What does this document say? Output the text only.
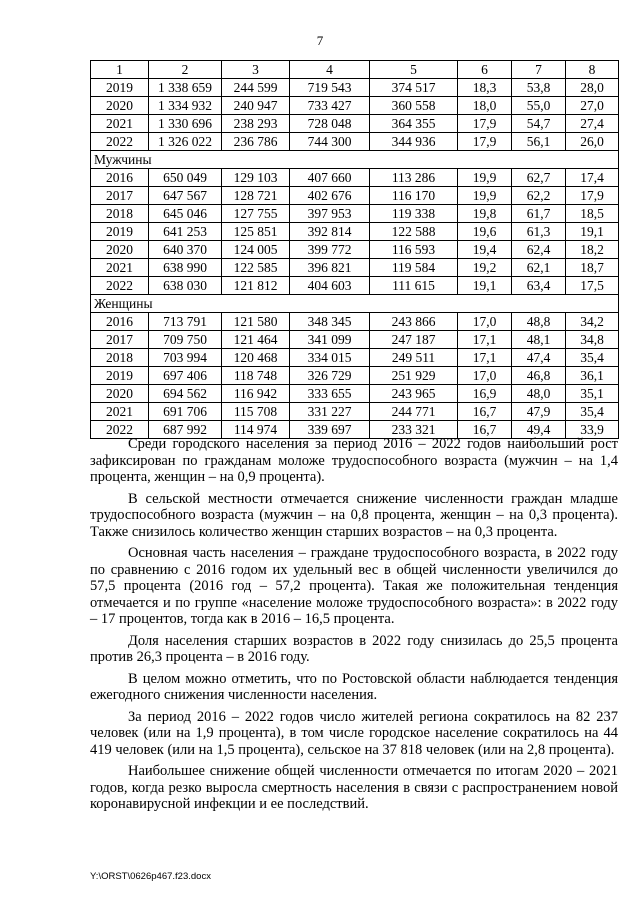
7
1	2	3	4	5	6	7	8
2019	1 338 659	244 599	719 543	374 517	18,3	53,8	28,0
2020	1 334 932	240 947	733 427	360 558	18,0	55,0	27,0
2021	1 330 696	238 293	728 048	364 355	17,9	54,7	27,4
2022	1 326 022	236 786	744 300	344 936	17,9	56,1	26,0
Мужчины							
2016	650 049	129 103	407 660	113 286	19,9	62,7	17,4
2017	647 567	128 721	402 676	116 170	19,9	62,2	17,9
2018	645 046	127 755	397 953	119 338	19,8	61,7	18,5
2019	641 253	125 851	392 814	122 588	19,6	61,3	19,1
2020	640 370	124 005	399 772	116 593	19,4	62,4	18,2
2021	638 990	122 585	396 821	119 584	19,2	62,1	18,7
2022	638 030	121 812	404 603	111 615	19,1	63,4	17,5
Женщины							
2016	713 791	121 580	348 345	243 866	17,0	48,8	34,2
2017	709 750	121 464	341 099	247 187	17,1	48,1	34,8
2018	703 994	120 468	334 015	249 511	17,1	47,4	35,4
2019	697 406	118 748	326 729	251 929	17,0	46,8	36,1
2020	694 562	116 942	333 655	243 965	16,9	48,0	35,1
2021	691 706	115 708	331 227	244 771	16,7	47,9	35,4
2022	687 992	114 974	339 697	233 321	16,7	49,4	33,9

Среди городского населения за период 2016 – 2022 годов наибольший рост зафиксирован по гражданам моложе трудоспособного возраста (мужчин – на 1,4 процента, женщин – на 0,9 процента).

В сельской местности отмечается снижение численности граждан младше трудоспособного возраста (мужчин – на 0,8 процента, женщин – на 0,3 процента). Также снизилось количество женщин старших возрастов – на 0,3 процента.

Основная часть населения – граждане трудоспособного возраста, в 2022 году по сравнению с 2016 годом их удельный вес в общей численности увеличился до 57,5 процента (2016 год – 57,2 процента). Такая же положительная тенденция отмечается и по группе «население моложе трудоспособного возраста»: в 2022 году – 17 процентов, тогда как в 2016 – 16,5 процента.

Доля населения старших возрастов в 2022 году снизилась до 25,5 процента против 26,3 процента – в 2016 году.

В целом можно отметить, что по Ростовской области наблюдается тенденция ежегодного снижения численности населения.

За период 2016 – 2022 годов число жителей региона сократилось на 82 237 человек (или на 1,9 процента), в том числе городское население сократилось на 44 419 человек (или на 1,5 процента), сельское на 37 818 человек (или на 2,8 процента).

Наибольшее снижение общей численности отмечается по итогам 2020 – 2021 годов, когда резко выросла смертность населения в связи с распространением новой коронавирусной инфекции и ее последствий.

Y:\ORST\0626p467.f23.docx
